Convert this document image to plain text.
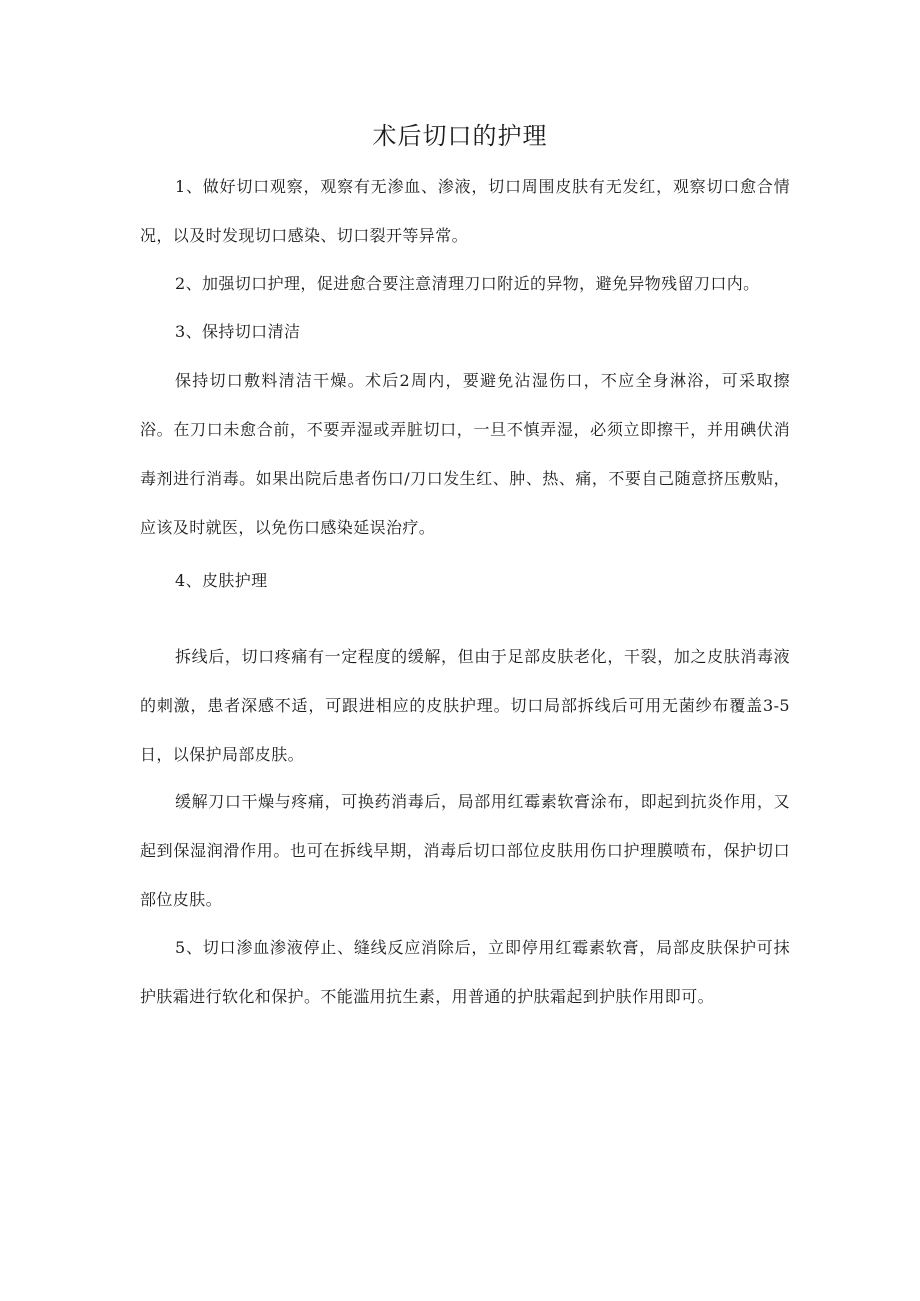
术后切口的护理

1、做好切口观察，观察有无渗血、渗液，切口周围皮肤有无发红，观察切口愈合情况，以及时发现切口感染、切口裂开等异常。

2、加强切口护理，促进愈合要注意清理刀口附近的异物，避免异物残留刀口内。

3、保持切口清洁

保持切口敷料清洁干燥。术后2周内，要避免沾湿伤口，不应全身淋浴，可采取擦浴。在刀口未愈合前，不要弄湿或弄脏切口，一旦不慎弄湿，必须立即擦干，并用碘伏消毒剂进行消毒。如果出院后患者伤口/刀口发生红、肿、热、痛，不要自己随意挤压敷贴，应该及时就医，以免伤口感染延误治疗。

4、皮肤护理

拆线后，切口疼痛有一定程度的缓解，但由于足部皮肤老化，干裂，加之皮肤消毒液的刺激，患者深感不适，可跟进相应的皮肤护理。切口局部拆线后可用无菌纱布覆盖3-5日，以保护局部皮肤。

缓解刀口干燥与疼痛，可换药消毒后，局部用红霉素软膏涂布，即起到抗炎作用，又起到保湿润滑作用。也可在拆线早期，消毒后切口部位皮肤用伤口护理膜喷布，保护切口部位皮肤。

5、切口渗血渗液停止、缝线反应消除后，立即停用红霉素软膏，局部皮肤保护可抹护肤霜进行软化和保护。不能滥用抗生素，用普通的护肤霜起到护肤作用即可。
